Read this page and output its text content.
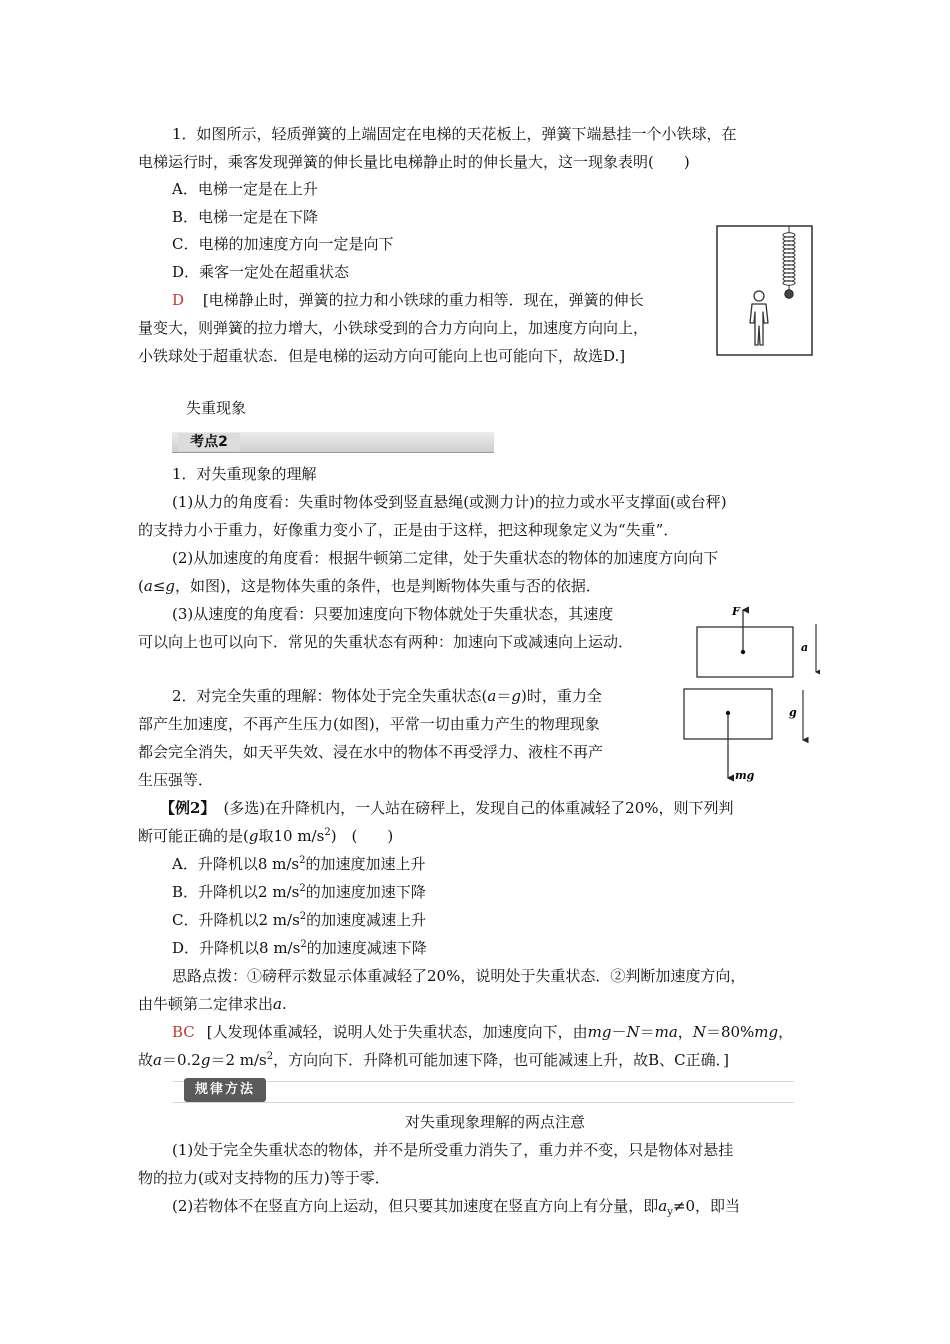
1．如图所示，轻质弹簧的上端固定在电梯的天花板上，弹簧下端悬挂一个小铁球，在
电梯运行时，乘客发现弹簧的伸长量比电梯静止时的伸长量大，这一现象表明(　　)
A．电梯一定是在上升
B．电梯一定是在下降
C．电梯的加速度方向一定是向下
D．乘客一定处在超重状态
D [电梯静止时，弹簧的拉力和小铁球的重力相等．现在，弹簧的伸长
量变大，则弹簧的拉力增大，小铁球受到的合力方向向上，加速度方向向上，
小铁球处于超重状态．但是电梯的运动方向可能向上也可能向下，故选D.]
失重现象
考点2
1．对失重现象的理解
(1)从力的角度看：失重时物体受到竖直悬绳(或测力计)的拉力或水平支撑面(或台秤)
的支持力小于重力，好像重力变小了，正是由于这样，把这种现象定义为“失重”．
(2)从加速度的角度看：根据牛顿第二定律，处于失重状态的物体的加速度方向向下
(a≤g，如图)，这是物体失重的条件，也是判断物体失重与否的依据．
(3)从速度的角度看：只要加速度向下物体就处于失重状态，其速度
可以向上也可以向下．常见的失重状态有两种：加速向下或减速向上运动．
F
a
mg
g
2．对完全失重的理解：物体处于完全失重状态(a＝g)时，重力全
部产生加速度，不再产生压力(如图)，平常一切由重力产生的物理现象
都会完全消失，如天平失效、浸在水中的物体不再受浮力、液柱不再产
生压强等．
【例2】 (多选)在升降机内，一人站在磅秤上，发现自己的体重减轻了20%，则下列判
断可能正确的是(g取10 $m/s^2$)　(　　)
A．升降机以8 $m/s^2$的加速度加速上升
B．升降机以2 $m/s^2$的加速度加速下降
C．升降机以2 $m/s^2$的加速度减速上升
D．升降机以8 $m/s^2$的加速度减速下降
思路点拨：①磅秤示数显示体重减轻了20%，说明处于失重状态．②判断加速度方向，
由牛顿第二定律求出a.
BC [人发现体重减轻，说明人处于失重状态，加速度向下，由mg－N＝ma，N＝80%mg，
故a＝0.2g＝2 $m/s^2$，方向向下．升降机可能加速下降，也可能减速上升，故B、C正确．]
规律方法
对失重现象理解的两点注意
(1)处于完全失重状态的物体，并不是所受重力消失了，重力并不变，只是物体对悬挂
物的拉力(或对支持物的压力)等于零．
(2)若物体不在竖直方向上运动，但只要其加速度在竖直方向上有分量，即$a_y\ne 0$，即当
